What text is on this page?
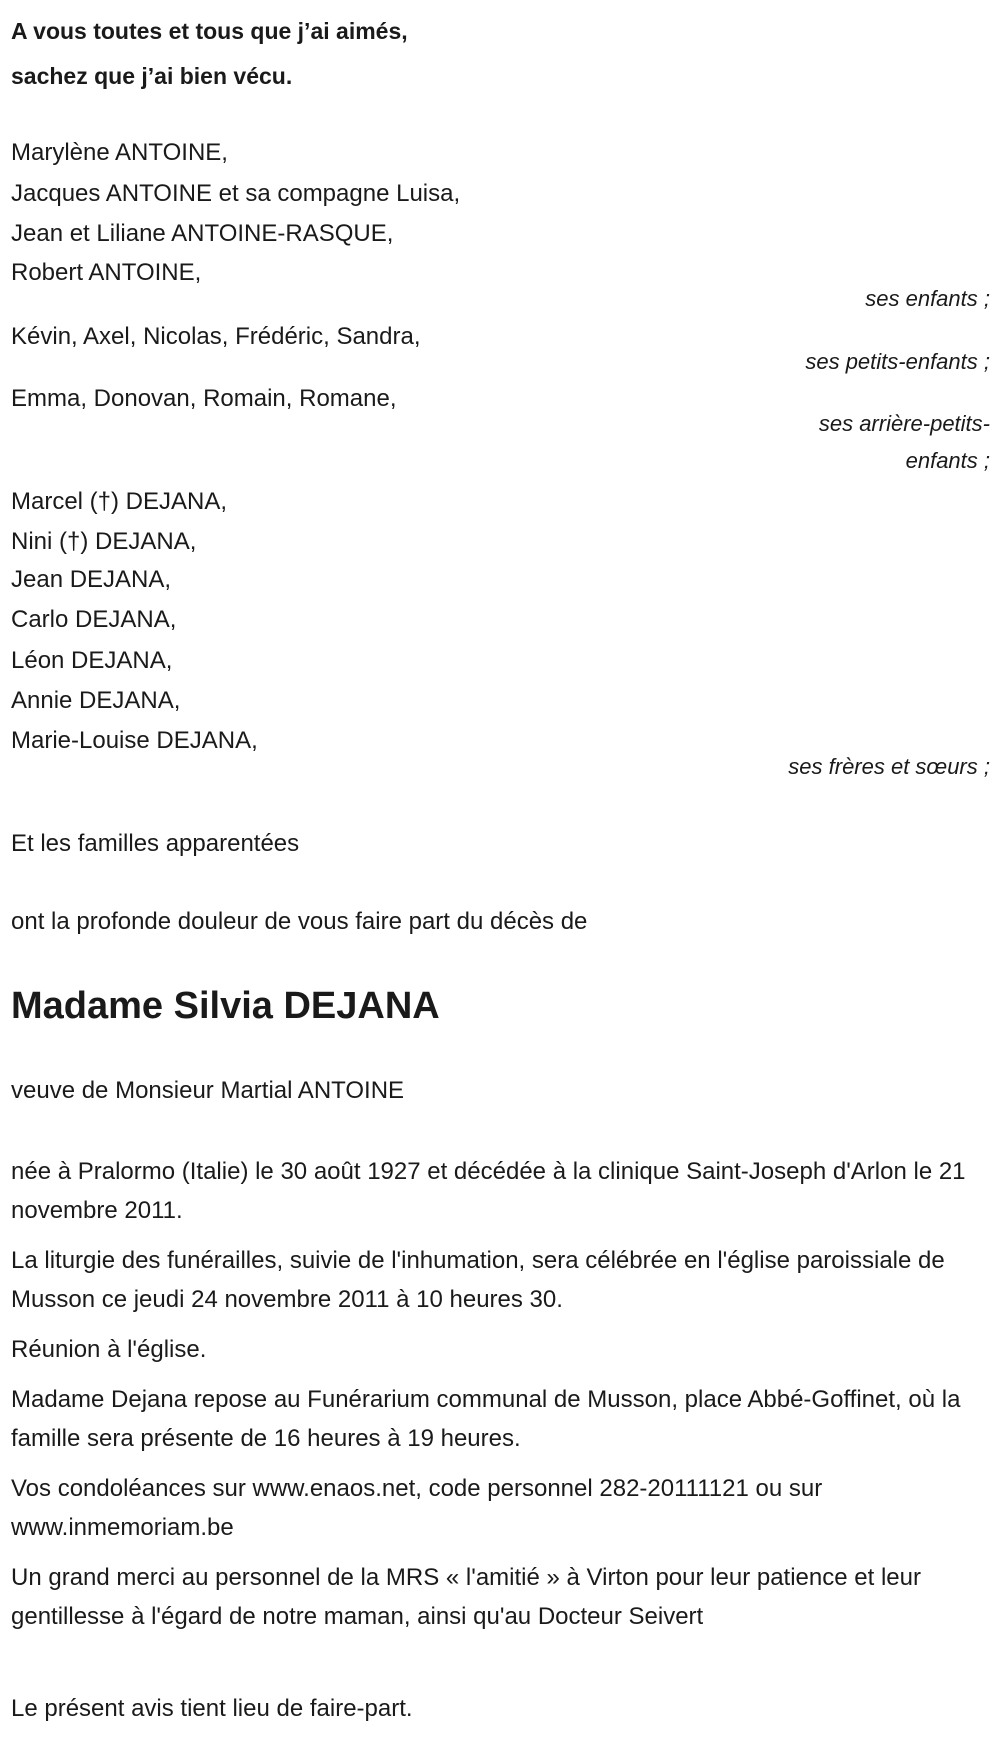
A vous toutes et tous que j’ai aimés,
sachez que j’ai bien vécu.
Marylène ANTOINE,
Jacques ANTOINE et sa compagne Luisa,
Jean et Liliane ANTOINE-RASQUE,
Robert ANTOINE,
ses enfants ;
Kévin, Axel, Nicolas, Frédéric, Sandra,
ses petits-enfants ;
Emma, Donovan, Romain, Romane,
ses arrière-petits-enfants ;
Marcel (†) DEJANA,
Nini (†) DEJANA,
Jean DEJANA,
Carlo DEJANA,
Léon DEJANA,
Annie DEJANA,
Marie-Louise DEJANA,
ses frères et sœurs ;
Et les familles apparentées
ont la profonde douleur de vous faire part du décès de
Madame Silvia DEJANA
veuve de Monsieur Martial ANTOINE
née à Pralormo (Italie) le 30 août 1927 et décédée à la clinique Saint-Joseph d'Arlon le 21 novembre 2011.
La liturgie des funérailles, suivie de l'inhumation, sera célébrée en l'église paroissiale de Musson ce jeudi 24 novembre 2011 à 10 heures 30.
Réunion à l'église.
Madame Dejana repose au Funérarium communal de Musson, place Abbé-Goffinet, où la famille sera présente de 16 heures à 19 heures.
Vos condoléances sur www.enaos.net, code personnel 282-20111121 ou sur www.inmemoriam.be
Un grand merci au personnel de la MRS « l'amitié » à Virton pour leur patience et leur gentillesse à l'égard de notre maman, ainsi qu'au Docteur Seivert
Le présent avis tient lieu de faire-part.
